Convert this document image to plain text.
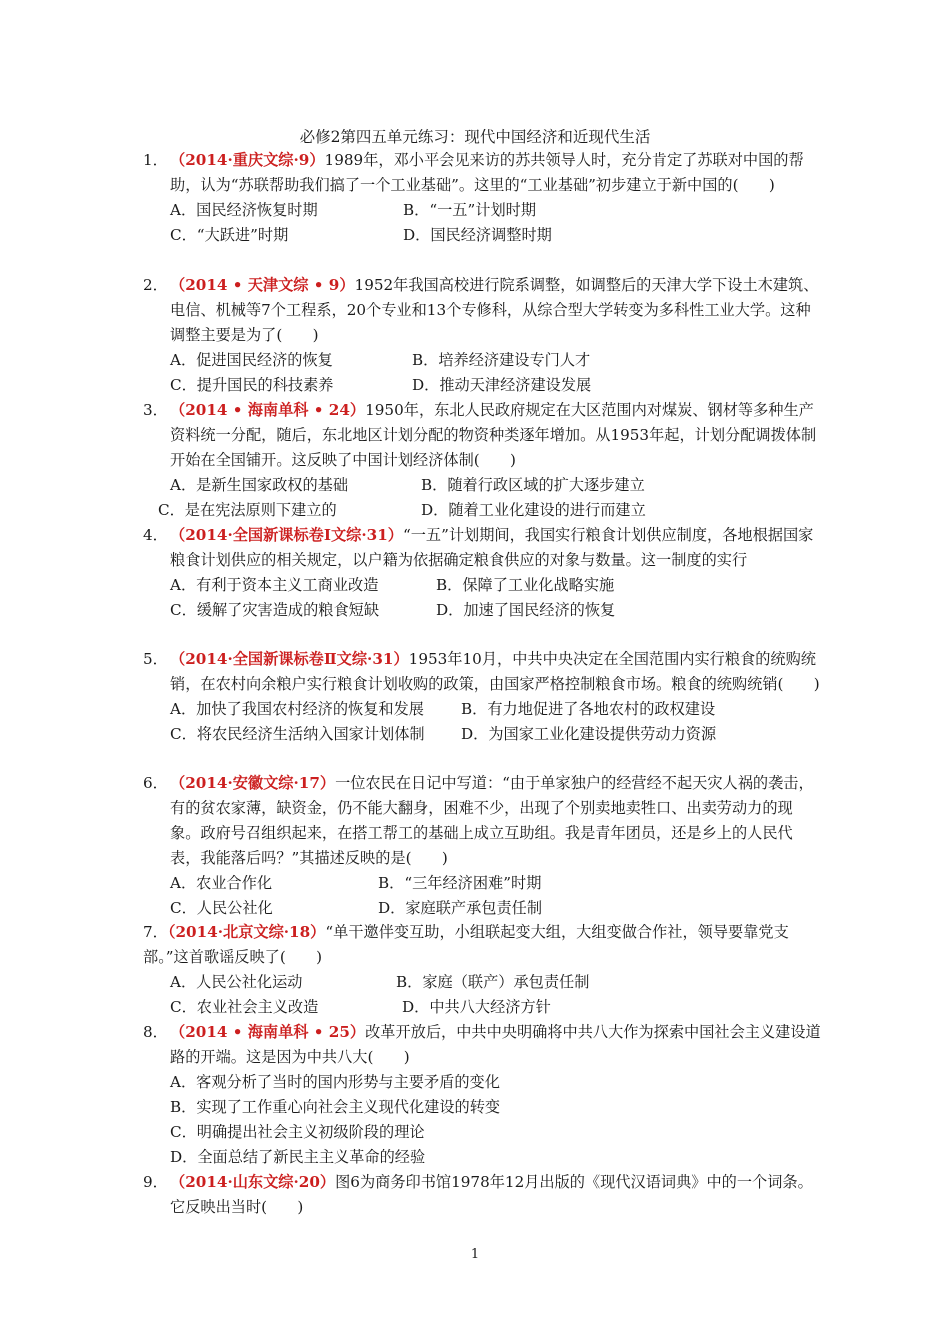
必修2第四五单元练习：现代中国经济和近现代生活
1． （2014·重庆文综·9）1989年，邓小平会见来访的苏共领导人时，充分肯定了苏联对中国的帮助，认为“苏联帮助我们搞了一个工业基础”。这里的“工业基础”初步建立于新中国的(　　)
A．国民经济恢复时期	B．“一五”计划时期
C．“大跃进”时期	D．国民经济调整时期
2． （2014 • 天津文综 • 9）1952年我国高校进行院系调整，如调整后的天津大学下设土木建筑、电信、机械等7个工程系，20个专业和13个专修科，从综合型大学转变为多科性工业大学。这种调整主要是为了(　　)
A．促进国民经济的恢复	B．培养经济建设专门人才
C．提升国民的科技素养	D．推动天津经济建设发展
3． （2014 • 海南单科 • 24）1950年，东北人民政府规定在大区范围内对煤炭、钢材等多种生产资料统一分配，随后，东北地区计划分配的物资种类逐年增加。从1953年起，计划分配调拨体制开始在全国铺开。这反映了中国计划经济体制(　　)
A．是新生国家政权的基础	B．随着行政区域的扩大逐步建立
C．是在宪法原则下建立的	D．随着工业化建设的进行而建立
4． （2014·全国新课标卷Ⅰ文综·31）“一五”计划期间，我国实行粮食计划供应制度，各地根据国家粮食计划供应的相关规定，以户籍为依据确定粮食供应的对象与数量。这一制度的实行
A．有利于资本主义工商业改造	B．保障了工业化战略实施
C．缓解了灾害造成的粮食短缺	D．加速了国民经济的恢复
5． （2014·全国新课标卷Ⅱ文综·31）1953年10月，中共中央决定在全国范围内实行粮食的统购统销，在农村向余粮户实行粮食计划收购的政策，由国家严格控制粮食市场。粮食的统购统销(　　)
A．加快了我国农村经济的恢复和发展	B．有力地促进了各地农村的政权建设
C．将农民经济生活纳入国家计划体制	D．为国家工业化建设提供劳动力资源
6． （2014·安徽文综·17）一位农民在日记中写道：“由于单家独户的经营经不起天灾人祸的袭击，有的贫农家薄，缺资金，仍不能大翻身，困难不少，出现了个别卖地卖牲口、出卖劳动力的现象。政府号召组织起来，在搭工帮工的基础上成立互助组。我是青年团员，还是乡上的人民代表，我能落后吗？”其描述反映的是(　　)
A．农业合作化	B．“三年经济困难”时期
C．人民公社化	D．家庭联产承包责任制
7．（2014·北京文综·18）“单干邀伴变互助，小组联起变大组，大组变做合作社，领导要靠党支部。”这首歌谣反映了(　　)
A．人民公社化运动	B．家庭（联产）承包责任制
C．农业社会主义改造	D．中共八大经济方针
8． （2014 • 海南单科 • 25）改革开放后，中共中央明确将中共八大作为探索中国社会主义建设道路的开端。这是因为中共八大(　　)
A．客观分析了当时的国内形势与主要矛盾的变化
B．实现了工作重心向社会主义现代化建设的转变
C．明确提出社会主义初级阶段的理论
D．全面总结了新民主主义革命的经验
9． （2014·山东文综·20）图6为商务印书馆1978年12月出版的《现代汉语词典》中的一个词条。它反映出当时(　　)
1
